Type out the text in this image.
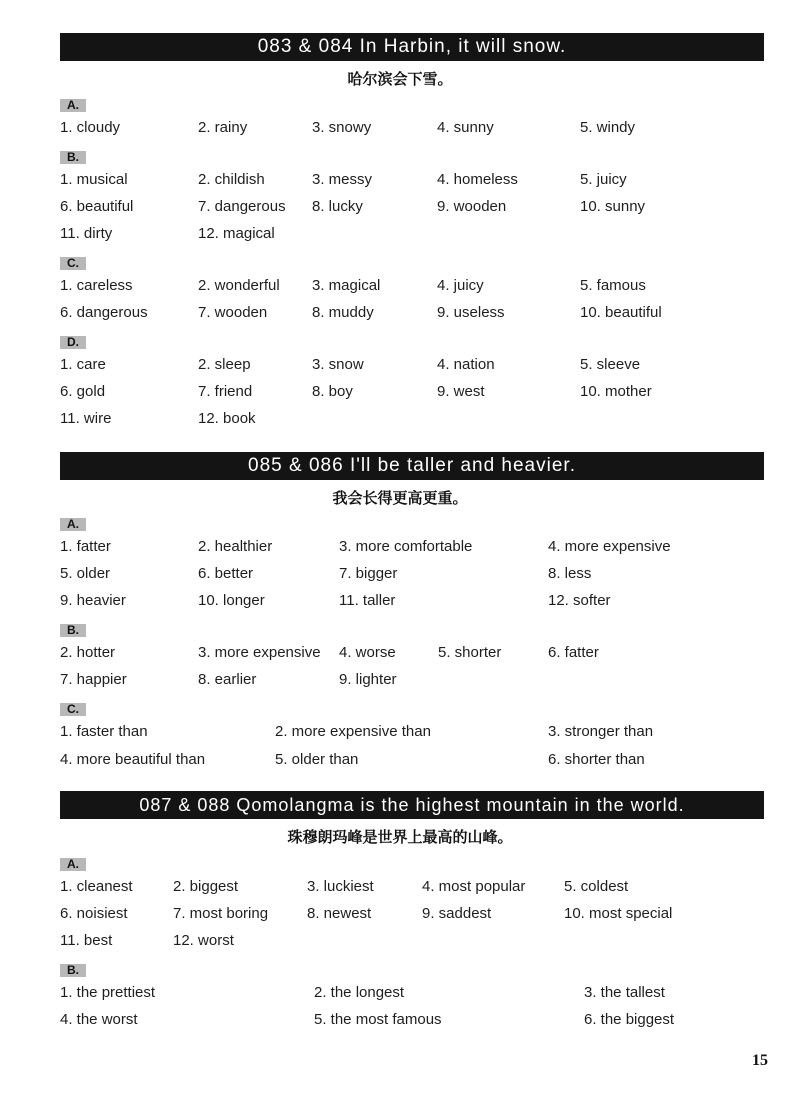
083 & 084 In Harbin, it will snow.
哈尔滨会下雪。
A.
1. cloudy	2. rainy	3. snowy	4. sunny	5. windy
B.
1. musical	2. childish	3. messy	4. homeless	5. juicy
6. beautiful	7. dangerous 8. lucky	9. wooden	10. sunny
11. dirty	12. magical
C.
1. careless	2. wonderful 3. magical	4. juicy	5. famous
6. dangerous	7. wooden	8. muddy	9. useless	10. beautiful
D.
1. care	2. sleep	3. snow	4. nation	5. sleeve
6. gold	7. friend	8. boy	9. west	10. mother
11. wire	12. book
085 & 086 I'll be taller and heavier.
我会长得更高更重。
A.
1. fatter	2. healthier	3. more comfortable	4. more expensive
5. older	6. better	7. bigger	8. less
9. heavier	10. longer	11. taller	12. softer
B.
2. hotter	3. more expensive 4. worse	5. shorter	6. fatter
7. happier	8. earlier	9. lighter
C.
1. faster than	2. more expensive than	3. stronger than
4. more beautiful than	5. older than	6. shorter than
087 & 088 Qomolangma is the highest mountain in the world.
珠穆朗玛峰是世界上最高的山峰。
A.
1. cleanest	2. biggest	3. luckiest	4. most popular	5. coldest
6. noisiest	7. most boring	8. newest	9. saddest	10. most special
11. best	12. worst
B.
1. the prettiest	2. the longest	3. the tallest
4. the worst	5. the most famous	6. the biggest
15
